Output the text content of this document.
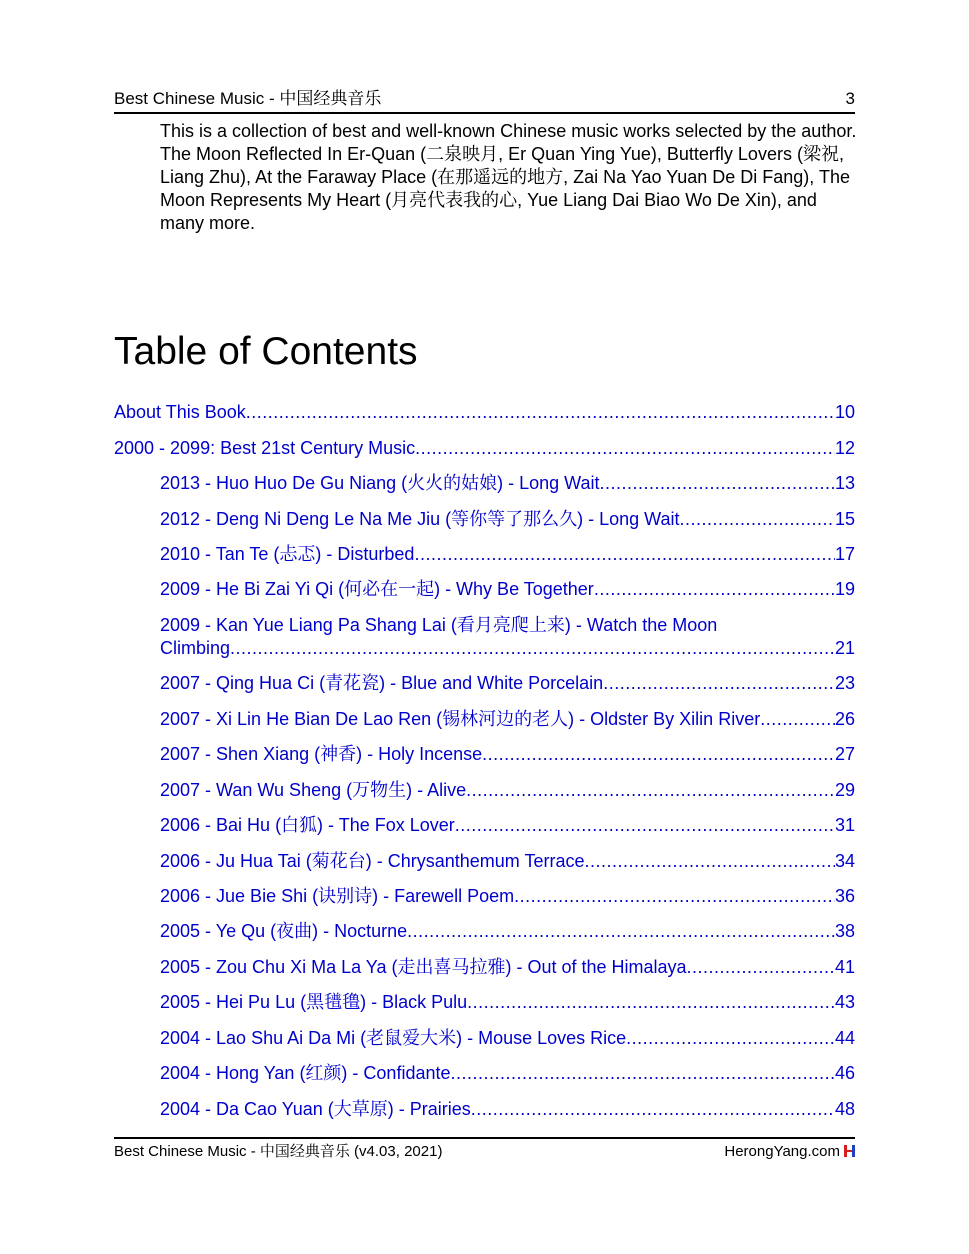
Best Chinese Music - 中国经典音乐	3
This is a collection of best and well-known Chinese music works selected by the author. The Moon Reflected In Er-Quan (二泉映月, Er Quan Ying Yue), Butterfly Lovers (梁祝, Liang Zhu), At the Faraway Place (在那遥远的地方, Zai Na Yao Yuan De Di Fang), The Moon Represents My Heart (月亮代表我的心, Yue Liang Dai Biao Wo De Xin), and many more.
Table of Contents
About This Book .....	10
2000 - 2099: Best 21st Century Music .....	12
2013 - Huo Huo De Gu Niang (火火的姑娘) - Long Wait .....	13
2012 - Deng Ni Deng Le Na Me Jiu (等你等了那么久) - Long Wait .....	15
2010 - Tan Te (忐忑) - Disturbed .....	17
2009 - He Bi Zai Yi Qi (何必在一起) - Why Be Together .....	19
2009 - Kan Yue Liang Pa Shang Lai (看月亮爬上来) - Watch the Moon
Climbing .....	21
2007 - Qing Hua Ci (青花瓷) - Blue and White Porcelain .....	23
2007 - Xi Lin He Bian De Lao Ren (锡林河边的老人) - Oldster By Xilin River .....	26
2007 - Shen Xiang (神香) - Holy Incense .....	27
2007 - Wan Wu Sheng (万物生) - Alive .....	29
2006 - Bai Hu (白狐) - The Fox Lover .....	31
2006 - Ju Hua Tai (菊花台) - Chrysanthemum Terrace .....	34
2006 - Jue Bie Shi (诀别诗) - Farewell Poem .....	36
2005 - Ye Qu (夜曲) - Nocturne .....	38
2005 - Zou Chu Xi Ma La Ya (走出喜马拉雅) - Out of the Himalaya .....	41
2005 - Hei Pu Lu (黑氆氇) - Black Pulu .....	43
2004 - Lao Shu Ai Da Mi (老鼠爱大米) - Mouse Loves Rice .....	44
2004 - Hong Yan (红颜) - Confidante .....	46
2004 - Da Cao Yuan (大草原) - Prairies .....	48
Best Chinese Music - 中国经典音乐 (v4.03, 2021)	HerongYang.com
